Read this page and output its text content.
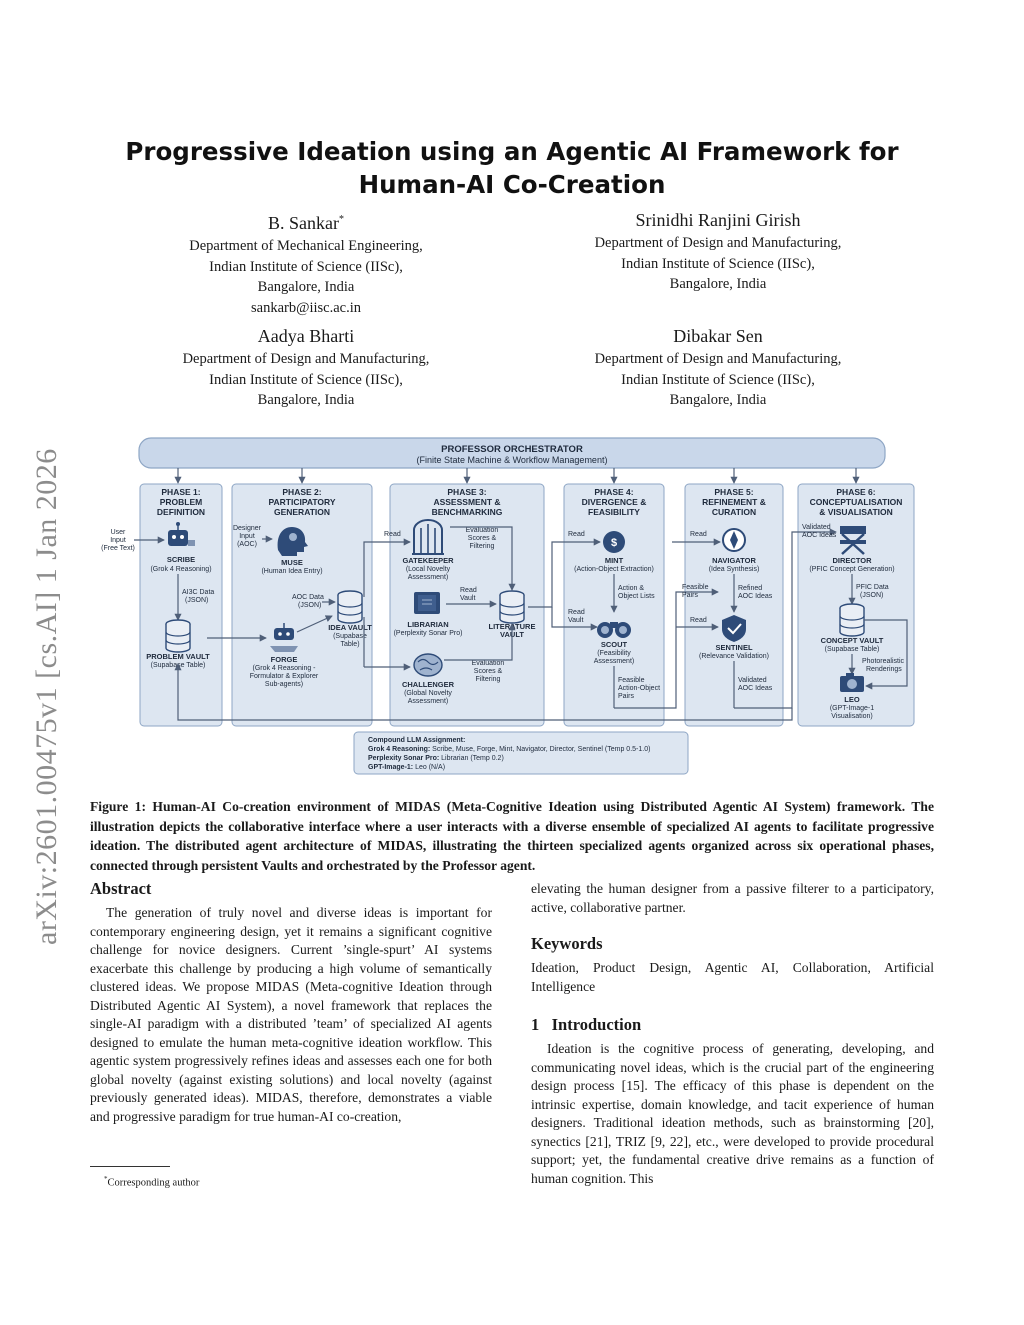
arXiv:2601.00475v1 [cs.AI] 1 Jan 2026
Progressive Ideation using an Agentic AI Framework for
Human-AI Co-Creation
B. Sankar*
Department of Mechanical Engineering,
Indian Institute of Science (IISc),
Bangalore, India
sankarb@iisc.ac.in
Srinidhi Ranjini Girish
Department of Design and Manufacturing,
Indian Institute of Science (IISc),
Bangalore, India
Aadya Bharti
Department of Design and Manufacturing,
Indian Institute of Science (IISc),
Bangalore, India
Dibakar Sen
Department of Design and Manufacturing,
Indian Institute of Science (IISc),
Bangalore, India
PROFESSOR ORCHESTRATOR
(Finite State Machine & Workflow Management)
PHASE 1:
PROBLEM
DEFINITION
PHASE 2:
PARTICIPATORY
GENERATION
PHASE 3:
ASSESSMENT &
BENCHMARKING
PHASE 4:
DIVERGENCE &
FEASIBILITY
PHASE 5:
REFINEMENT &
CURATION
PHASE 6:
CONCEPTUALISATION
& VISUALISATION
User
Input
(Free Text)
SCRIBE
(Grok 4 Reasoning)
AI3C Data
(JSON)
PROBLEM VAULT
(Supabase Table)
Designer
Input
(AOC)
MUSE
(Human Idea Entry)
AOC Data
(JSON)
IDEA VAULT
(Supabase
Table)
FORGE
(Grok 4 Reasoning -
Formulator & Explorer
Sub-agents)
Read
GATEKEEPER
(Local Novelty
Assessment)
Evaluation
Scores &
Filtering
LIBRARIAN
(Perplexity Sonar Pro)
Read
Vault
LITERATURE
VAULT
CHALLENGER
(Global Novelty
Assessment)
Evaluation
Scores &
Filtering
Read
$
MINT
(Action-Object Extraction)
Action &
Object Lists
Read
Vault
SCOUT
(Feasibility
Assessment)
Feasible
Action-Object
Pairs
Read
NAVIGATOR
(Idea Synthesis)
Feasible
Pairs
Refined
AOC Ideas
Read
SENTINEL
(Relevance Validation)
Validated
AOC Ideas
Validated
AOC Ideas
DIRECTOR
(PFIC Concept Generation)
PFIC Data
(JSON)
CONCEPT VAULT
(Supabase Table)
Photorealistic
Renderings
LEO
(GPT-Image-1
Visualisation)
Compound LLM Assignment:
Grok 4 Reasoning: Scribe, Muse, Forge, Mint, Navigator, Director, Sentinel (Temp 0.5-1.0)
Perplexity Sonar Pro: Librarian (Temp 0.2)
GPT-Image-1: Leo (N/A)
Figure 1: Human-AI Co-creation environment of MIDAS (Meta-Cognitive Ideation using Distributed Agentic AI System) framework. The illustration depicts the collaborative interface where a user interacts with a diverse ensemble of specialized AI agents to facilitate progressive ideation. The distributed agent architecture of MIDAS, illustrating the thirteen specialized agents organized across six operational phases, connected through persistent Vaults and orchestrated by the Professor agent.
Abstract

The generation of truly novel and diverse ideas is important for contemporary engineering design, yet it remains a significant cognitive challenge for novice designers. Current ’single-spurt’ AI systems exacerbate this challenge by producing a high volume of semantically clustered ideas. We propose MIDAS (Meta-cognitive Ideation through Distributed Agentic AI System), a novel framework that replaces the single-AI paradigm with a distributed ’team’ of specialized AI agents designed to emulate the human meta-cognitive ideation workflow. This agentic system progressively refines ideas and assesses each one for both global novelty (against existing solutions) and local novelty (against previously generated ideas). MIDAS, therefore, demonstrates a viable and progressive paradigm for true human-AI co-creation,

elevating the human designer from a passive filterer to a participatory, active, collaborative partner.

Keywords

Ideation, Product Design, Agentic AI, Collaboration, Artificial Intelligence

1 Introduction

Ideation is the cognitive process of generating, developing, and communicating novel ideas, which is the crucial part of the engineering design process [15]. The efficacy of this phase is dependent on the intrinsic expertise, domain knowledge, and tacit experience of human designers. Traditional ideation methods, such as brainstorming [20], synectics [21], TRIZ [9, 22], etc., were developed to provide procedural support; yet, the fundamental creative drive remains as a function of human cognition. This

*Corresponding author
